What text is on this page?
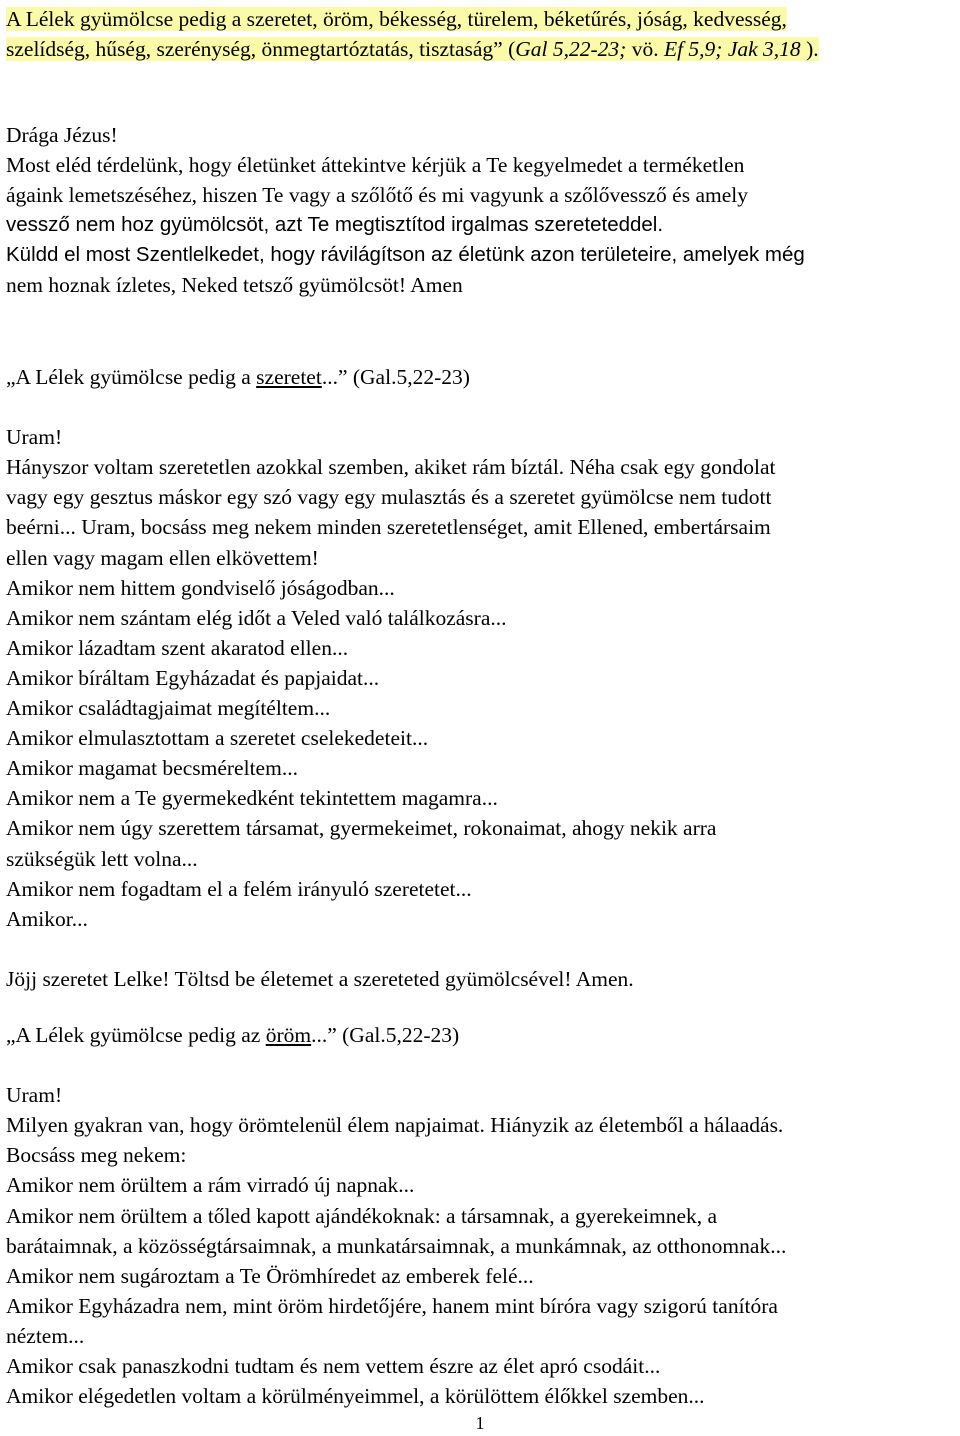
A Lélek gyümölcse pedig a szeretet, öröm, békesség, türelem, béketűrés, jóság, kedvesség,
szelídség, hűség, szerénység, önmegtartóztatás, tisztaság” (Gal 5,22-23; vö. Ef 5,9; Jak 3,18 ).
Drága Jézus!
Most eléd térdelünk, hogy életünket áttekintve kérjük a Te kegyelmedet a terméketlen
ágaink lemetszéséhez, hiszen Te vagy a szőlőtő és mi vagyunk a szőlővessző és amely
vessző nem hoz gyümölcsöt, azt Te megtisztítod irgalmas szereteteddel.
Küldd el most Szentlelkedet, hogy rávilágítson az életünk azon területeire, amelyek még
nem hoznak ízletes, Neked tetsző gyümölcsöt! Amen
„A Lélek gyümölcse pedig a szeretet...” (Gal.5,22-23)
Uram!
Hányszor voltam szeretetlen azokkal szemben, akiket rám bíztál. Néha csak egy gondolat
vagy egy gesztus máskor egy szó vagy egy mulasztás és a szeretet gyümölcse nem tudott
beérni... Uram, bocsáss meg nekem minden szeretetlenséget, amit Ellened, embertársaim
ellen vagy magam ellen elkövettem!
Amikor nem hittem gondviselő jóságodban...
Amikor nem szántam elég időt a Veled való találkozásra...
Amikor lázadtam szent akaratod ellen...
Amikor bíráltam Egyházadat és papjaidat...
Amikor családtagjaimat megítéltem...
Amikor elmulasztottam a szeretet cselekedeteit...
Amikor magamat becsméreltem...
Amikor nem a Te gyermekedként tekintettem magamra...
Amikor nem úgy szerettem társamat, gyermekeimet, rokonaimat, ahogy nekik arra
szükségük lett volna...
Amikor nem fogadtam el a felém irányuló szeretetet...
Amikor...
Jöjj szeretet Lelke! Töltsd be életemet a szereteted gyümölcsével! Amen.
„A Lélek gyümölcse pedig az öröm...” (Gal.5,22-23)
Uram!
Milyen gyakran van, hogy örömtelenül élem napjaimat. Hiányzik az életemből a hálaadás.
Bocsáss meg nekem:
Amikor nem örültem a rám virradó új napnak...
Amikor nem örültem a tőled kapott ajándékoknak: a társamnak, a gyerekeimnek, a
barátaimnak, a közösségtársaimnak, a munkatársaimnak, a munkámnak, az otthonomnak...
Amikor nem sugároztam a Te Örömhíredet az emberek felé...
Amikor Egyházadra nem, mint öröm hirdetőjére, hanem mint bíróra vagy szigorú tanítóra
néztem...
Amikor csak panaszkodni tudtam és nem vettem észre az élet apró csodáit...
Amikor elégedetlen voltam a körülményeimmel, a körülöttem élőkkel szemben...
1
